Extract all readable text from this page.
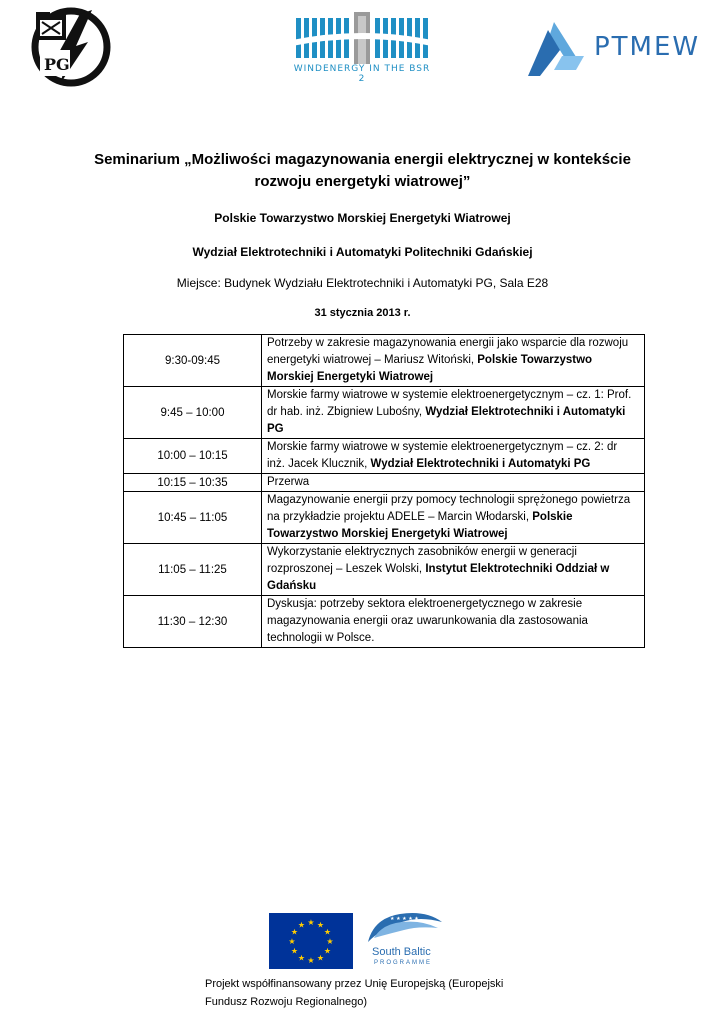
PG	WINDENERGY IN THE BSR 2
PTMEW
Seminarium „Możliwości magazynowania energii elektrycznej w kontekście
rozwoju energetyki wiatrowej”
Polskie Towarzystwo Morskiej Energetyki Wiatrowej
Wydział Elektrotechniki i Automatyki Politechniki Gdańskiej
Miejsce: Budynek Wydziału Elektrotechniki i Automatyki PG, Sala E28
31 stycznia 2013 r.
9:30-09:45	Potrzeby w zakresie magazynowania energii jako wsparcie dla rozwoju energetyki wiatrowej – Mariusz Witoński, Polskie Towarzystwo Morskiej Energetyki Wiatrowej
9:45 – 10:00	Morskie farmy wiatrowe w systemie elektroenergetycznym – cz. 1: Prof. dr hab. inż. Zbigniew Lubośny, Wydział Elektrotechniki i Automatyki PG
10:00 – 10:15	Morskie farmy wiatrowe w systemie elektroenergetycznym – cz. 2: dr inż. Jacek Klucznik, Wydział Elektrotechniki i Automatyki PG
10:15 – 10:35	Przerwa
10:45 – 11:05	Magazynowanie energii przy pomocy technologii sprężonego powietrza na przykładzie projektu ADELE – Marcin Włodarski, Polskie Towarzystwo Morskiej Energetyki Wiatrowej
11:05 – 11:25	Wykorzystanie elektrycznych zasobników energii w generacji rozproszonej – Leszek Wolski, Instytut Elektrotechniki Oddział w Gdańsku
11:30 – 12:30	Dyskusja: potrzeby sektora elektroenergetycznego w zakresie magazynowania energii oraz uwarunkowania dla zastosowania technologii w Polsce.
★ ★
★
★
★
★
★
★
★
★
★
★
★ ★ ★ ★ ★
South Baltic
PROGRAMME
Projekt współfinansowany przez Unię Europejską (Europejski Fundusz Rozwoju Regionalnego)
